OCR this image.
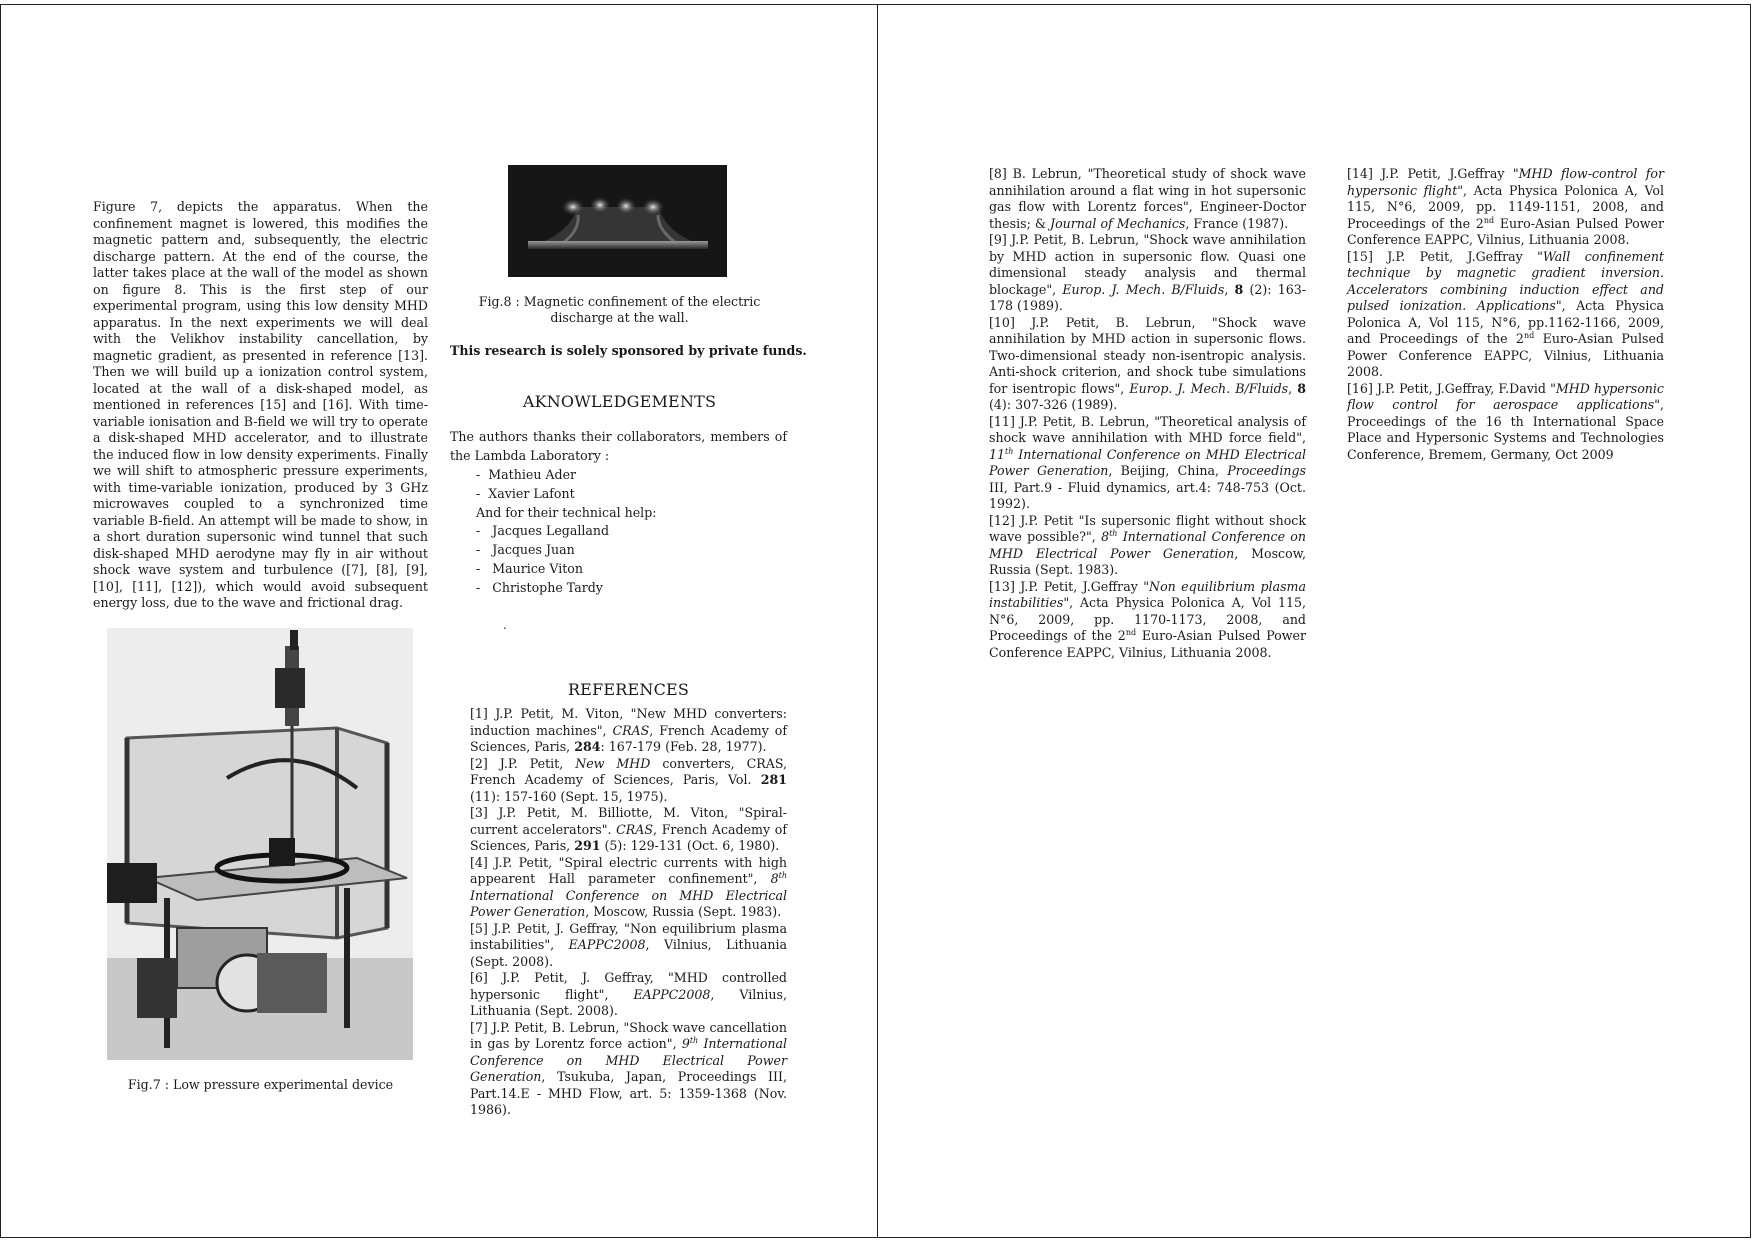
Figure 7, depicts the apparatus. When the confinement magnet is lowered, this modifies the magnetic pattern and, subsequently, the electric discharge pattern. At the end of the course, the latter takes place at the wall of the model as shown on figure 8. This is the first step of our experimental program, using this low density MHD apparatus. In the next experiments we will deal with the Velikhov instability cancellation, by magnetic gradient, as presented in reference [13]. Then we will build up a ionization control system, located at the wall of a disk-shaped model, as mentioned in references [15] and [16]. With time-variable ionisation and B-field we will try to operate a disk-shaped MHD accelerator, and to illustrate the induced flow in low density experiments. Finally we will shift to atmospheric pressure experiments, with time-variable ionization, produced by 3 GHz microwaves coupled to a synchronized time variable B-field. An attempt will be made to show, in a short duration supersonic wind tunnel that such disk-shaped MHD aerodyne may fly in air without shock wave system and turbulence ([7], [8], [9], [10], [11], [12]), which would avoid subsequent energy loss, due to the wave and frictional drag.

Fig.8 : Magnetic confinement of the electric discharge at the wall.
This research is solely sponsored by private funds.
AKNOWLEDGEMENTS
The authors thanks their collaborators, members of the Lambda Laboratory :
-  Mathieu Ader
-  Xavier Lafont
And for their technical help:
-   Jacques Legalland
-   Jacques Juan
-   Maurice Viton
-   Christophe Tardy
.
Fig.7 : Low pressure experimental device
REFERENCES

[1] J.P. Petit, M. Viton, "New MHD converters: induction machines", CRAS, French Academy of Sciences, Paris, 284: 167-179 (Feb. 28, 1977).

[2] J.P. Petit, New MHD converters, CRAS, French Academy of Sciences, Paris, Vol. 281 (11): 157-160 (Sept. 15, 1975).

[3] J.P. Petit, M. Billiotte, M. Viton, "Spiral-current accelerators". CRAS, French Academy of Sciences, Paris, 291 (5): 129-131 (Oct. 6, 1980).

[4] J.P. Petit, "Spiral electric currents with high appearent Hall parameter confinement", 8th International Conference on MHD Electrical Power Generation, Moscow, Russia (Sept. 1983).

[5] J.P. Petit, J. Geffray, "Non equilibrium plasma instabilities", EAPPC2008, Vilnius, Lithuania (Sept. 2008).

[6] J.P. Petit, J. Geffray, "MHD controlled hypersonic flight", EAPPC2008, Vilnius, Lithuania (Sept. 2008).

[7] J.P. Petit, B. Lebrun, "Shock wave cancellation in gas by Lorentz force action", 9th International Conference on MHD Electrical Power Generation, Tsukuba, Japan, Proceedings III, Part.14.E - MHD Flow, art. 5: 1359-1368 (Nov. 1986).

[8] B. Lebrun, "Theoretical study of shock wave annihilation around a flat wing in hot supersonic gas flow with Lorentz forces", Engineer-Doctor thesis; & Journal of Mechanics, France (1987).

[9] J.P. Petit, B. Lebrun, "Shock wave annihilation by MHD action in supersonic flow. Quasi one dimensional steady analysis and thermal blockage", Europ. J. Mech. B/Fluids, 8 (2): 163-178 (1989).

[10] J.P. Petit, B. Lebrun, "Shock wave annihilation by MHD action in supersonic flows. Two-dimensional steady non-isentropic analysis. Anti-shock criterion, and shock tube simulations for isentropic flows", Europ. J. Mech. B/Fluids, 8 (4): 307-326 (1989).

[11] J.P. Petit, B. Lebrun, "Theoretical analysis of shock wave annihilation with MHD force field", 11th International Conference on MHD Electrical Power Generation, Beijing, China, Proceedings III, Part.9 - Fluid dynamics, art.4: 748-753 (Oct. 1992).

[12] J.P. Petit "Is supersonic flight without shock wave possible?", 8th International Conference on MHD Electrical Power Generation, Moscow, Russia (Sept. 1983).

[13] J.P. Petit, J.Geffray "Non equilibrium plasma instabilities", Acta Physica Polonica A, Vol 115, N°6, 2009, pp. 1170-1173, 2008, and Proceedings of the 2nd Euro-Asian Pulsed Power Conference EAPPC, Vilnius, Lithuania 2008.

[14] J.P. Petit, J.Geffray "MHD flow-control for hypersonic flight", Acta Physica Polonica A, Vol 115, N°6, 2009, pp. 1149-1151, 2008, and Proceedings of the 2nd Euro-Asian Pulsed Power Conference EAPPC, Vilnius, Lithuania 2008.

[15] J.P. Petit, J.Geffray "Wall confinement technique by magnetic gradient inversion. Accelerators combining induction effect and pulsed ionization. Applications", Acta Physica Polonica A, Vol 115, N°6, pp.1162-1166, 2009, and Proceedings of the 2nd Euro-Asian Pulsed Power Conference EAPPC, Vilnius, Lithuania 2008.

[16] J.P. Petit, J.Geffray, F.David "MHD hypersonic flow control for aerospace applications", Proceedings of the 16 th International Space Place and Hypersonic Systems and Technologies Conference, Bremem, Germany, Oct 2009
